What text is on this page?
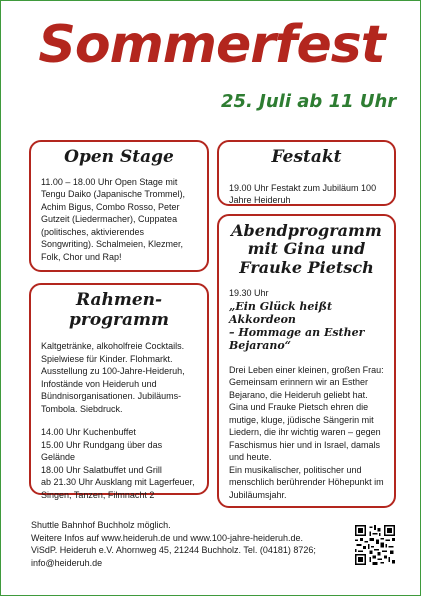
Sommerfest
25. Juli ab 11 Uhr
Open Stage
11.00 – 18.00 Uhr Open Stage mit Tengu Daiko (Japanische Trommel), Achim Bigus, Combo Rosso, Peter Gutzeit (Liedermacher), Cuppatea (politisches, aktivierendes Songwriting). Schalmeien, Klezmer, Folk, Chor und Rap!
Rahmen-
programm
Kaltgetränke, alkoholfreie Cocktails. Spielwiese für Kinder. Flohmarkt. Ausstellung zu 100-Jahre-Heideruh, Infostände von Heideruh und Bündnisorganisationen. Jubiläums-Tombola. Siebdruck.
14.00 Uhr Kuchenbuffet
15.00 Uhr Rundgang über das Gelände
18.00 Uhr Salatbuffet und Grill
ab 21.30 Uhr Ausklang mit Lagerfeuer, Singen, Tanzen, Filmnacht 2
Festakt
19.00 Uhr Festakt zum Jubiläum 100 Jahre Heideruh
Abendprogramm mit Gina und Frauke Pietsch
19.30 Uhr
„Ein Glück heißt Akkordeon
– Hommage an Esther Bejarano“
Drei Leben einer kleinen, großen Frau: Gemeinsam erinnern wir an Esther Bejarano, die Heideruh geliebt hat. Gina und Frauke Pietsch ehren die mutige, kluge, jüdische Sängerin mit Liedern, die ihr wichtig waren – gegen Faschismus hier und in Israel, damals und heute.
Ein musikalischer, politischer und menschlich berührender Höhepunkt im Jubiläumsjahr.
Shuttle Bahnhof Buchholz möglich.
Weitere Infos auf www.heideruh.de und www.100-jahre-heideruh.de.
ViSdP. Heideruh e.V. Ahornweg 45, 21244 Buchholz. Tel. (04181) 8726;
info@heideruh.de
